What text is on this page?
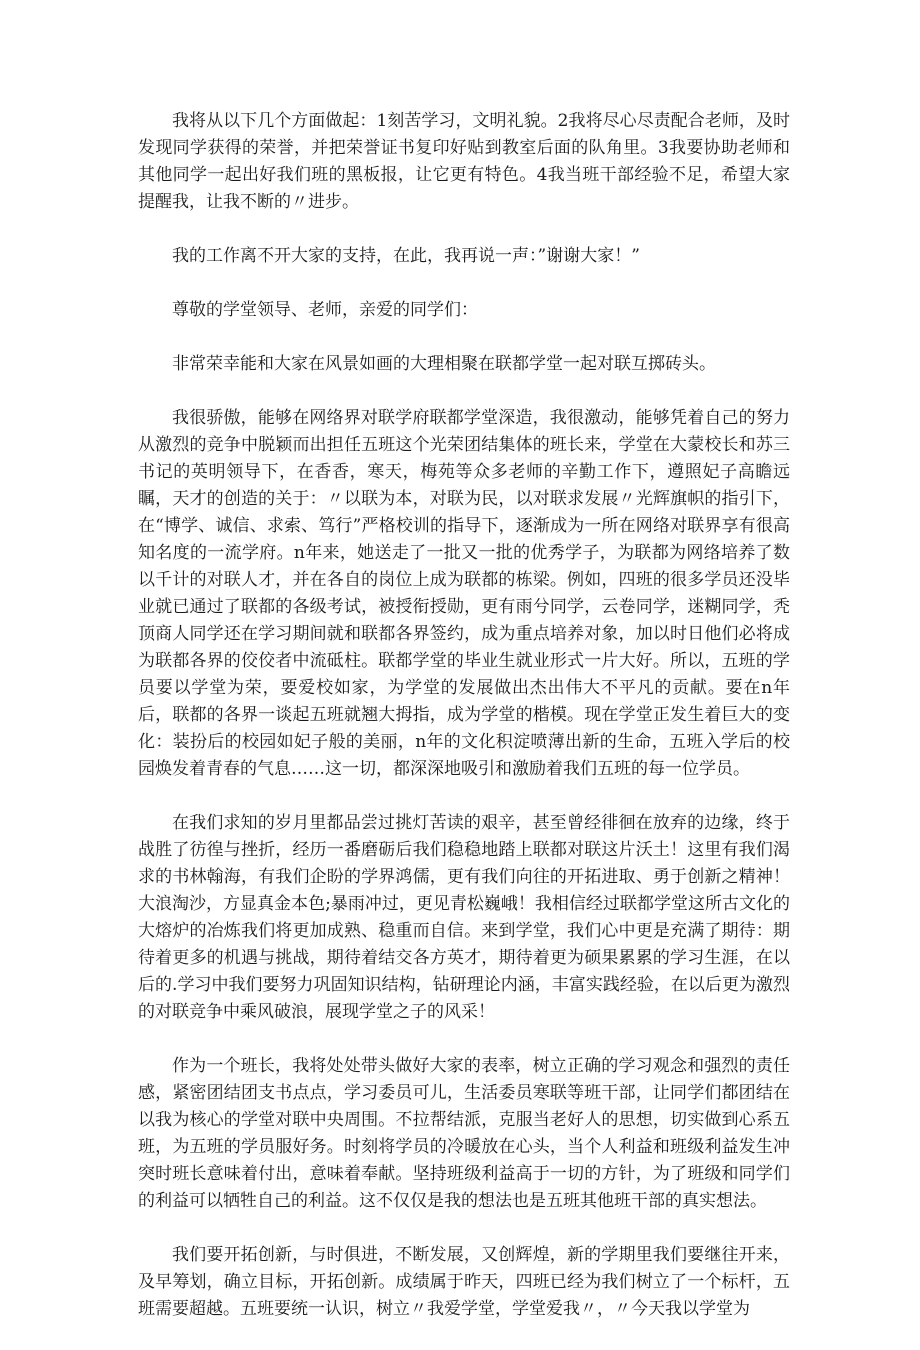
我将从以下几个方面做起：1刻苦学习，文明礼貌。2我将尽心尽责配合老师，及时发现同学获得的荣誉，并把荣誉证书复印好贴到教室后面的队角里。3我要协助老师和其他同学一起出好我们班的黑板报，让它更有特色。4我当班干部经验不足，希望大家提醒我，让我不断的〃进步。

我的工作离不开大家的支持，在此，我再说一声：”谢谢大家！”

尊敬的学堂领导、老师，亲爱的同学们：

非常荣幸能和大家在风景如画的大理相聚在联都学堂一起对联互掷砖头。

我很骄傲，能够在网络界对联学府联都学堂深造，我很激动，能够凭着自己的努力从激烈的竞争中脱颖而出担任五班这个光荣团结集体的班长来，学堂在大蒙校长和苏三书记的英明领导下，在香香，寒天，梅苑等众多老师的辛勤工作下，遵照妃子高瞻远瞩，天才的创造的关于：〃以联为本，对联为民，以对联求发展〃光辉旗帜的指引下，在“博学、诚信、求索、笃行”严格校训的指导下，逐渐成为一所在网络对联界享有很高知名度的一流学府。n年来，她送走了一批又一批的优秀学子，为联都为网络培养了数以千计的对联人才，并在各自的岗位上成为联都的栋梁。例如，四班的很多学员还没毕业就已通过了联都的各级考试，被授衔授勋，更有雨兮同学，云卷同学，迷糊同学，秃顶商人同学还在学习期间就和联都各界签约，成为重点培养对象，加以时日他们必将成为联都各界的佼佼者中流砥柱。联都学堂的毕业生就业形式一片大好。所以，五班的学员要以学堂为荣，要爱校如家，为学堂的发展做出杰出伟大不平凡的贡献。要在n年后，联都的各界一谈起五班就翘大拇指，成为学堂的楷模。现在学堂正发生着巨大的变化：装扮后的校园如妃子般的美丽，n年的文化积淀喷薄出新的生命，五班入学后的校园焕发着青春的气息……这一切，都深深地吸引和激励着我们五班的每一位学员。

在我们求知的岁月里都品尝过挑灯苦读的艰辛，甚至曾经徘徊在放弃的边缘，终于战胜了彷徨与挫折，经历一番磨砺后我们稳稳地踏上联都对联这片沃土！这里有我们渴求的书林翰海，有我们企盼的学界鸿儒，更有我们向往的开拓进取、勇于创新之精神！大浪淘沙，方显真金本色;暴雨冲过，更见青松巍峨！我相信经过联都学堂这所古文化的大熔炉的冶炼我们将更加成熟、稳重而自信。来到学堂，我们心中更是充满了期待：期待着更多的机遇与挑战，期待着结交各方英才，期待着更为硕果累累的学习生涯，在以后的.学习中我们要努力巩固知识结构，钻研理论内涵，丰富实践经验，在以后更为激烈的对联竞争中乘风破浪，展现学堂之子的风采！

作为一个班长，我将处处带头做好大家的表率，树立正确的学习观念和强烈的责任感，紧密团结团支书点点，学习委员可儿，生活委员寒联等班干部，让同学们都团结在以我为核心的学堂对联中央周围。不拉帮结派，克服当老好人的思想，切实做到心系五班，为五班的学员服好务。时刻将学员的冷暖放在心头，当个人利益和班级利益发生冲突时班长意味着付出，意味着奉献。坚持班级利益高于一切的方针，为了班级和同学们的利益可以牺牲自己的利益。这不仅仅是我的想法也是五班其他班干部的真实想法。

我们要开拓创新，与时俱进，不断发展，又创辉煌，新的学期里我们要继往开来，及早筹划，确立目标，开拓创新。成绩属于昨天，四班已经为我们树立了一个标杆，五班需要超越。五班要统一认识，树立〃我爱学堂，学堂爱我〃，〃今天我以学堂为
